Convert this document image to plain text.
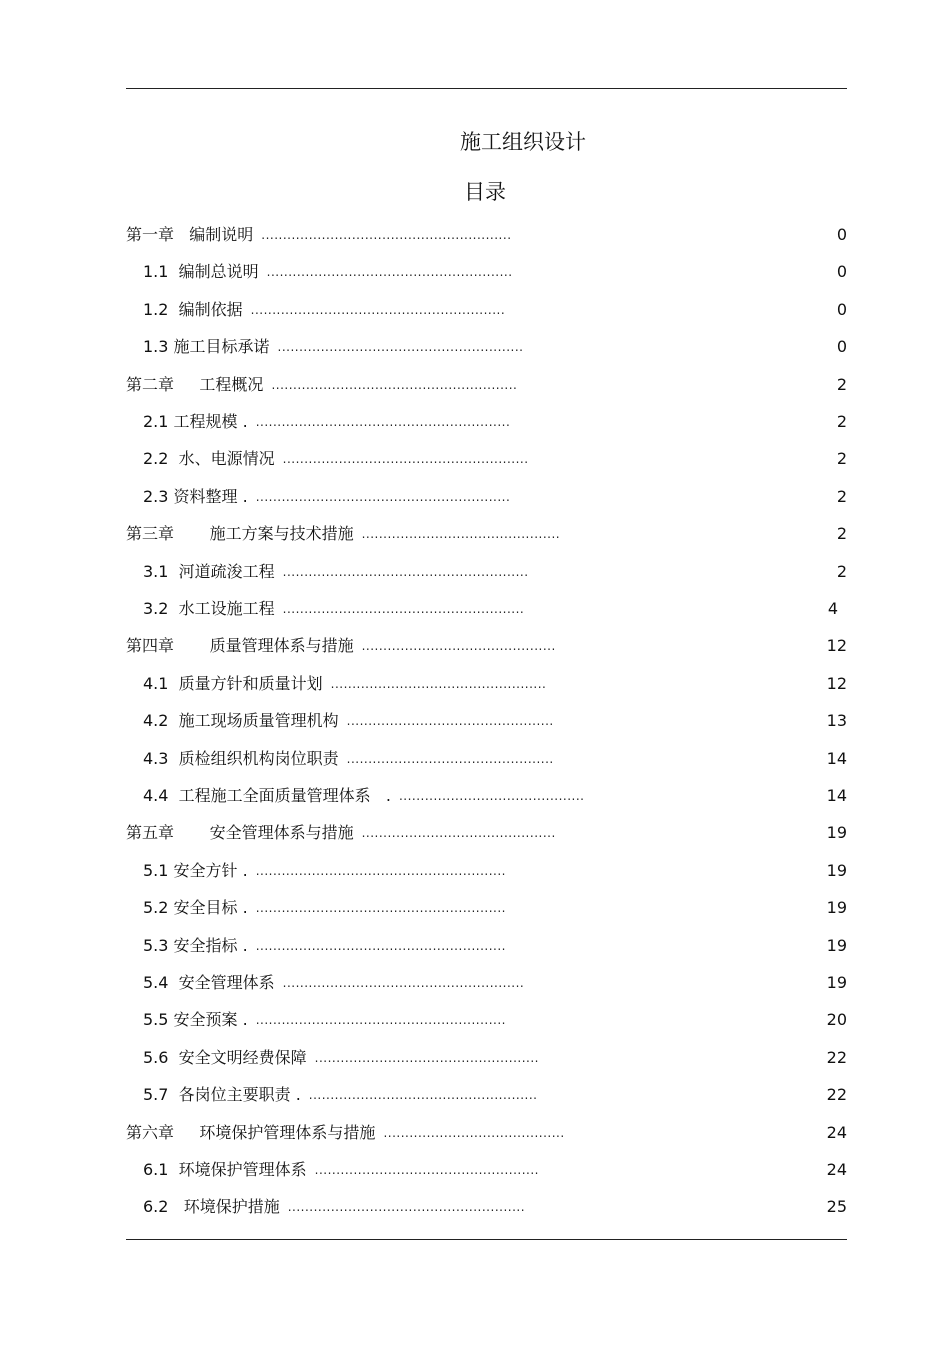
施工组织设计
目录
第一章   编制说明 ..........................................................	0
1.1  编制总说明 .........................................................	0
1.2  编制依据 ...........................................................	0
1.3 施工目标承诺 .........................................................	0
第二章     工程概况 .........................................................	2
2.1 工程规模 . ...........................................................	2
2.2  水、电源情况 .........................................................	2
2.3 资料整理 . ...........................................................	2
第三章       施工方案与技术措施 ..............................................	2
3.1  河道疏浚工程 .........................................................	2
3.2  水工设施工程 ........................................................	4
第四章       质量管理体系与措施 .............................................	12
4.1  质量方针和质量计划 ..................................................	12
4.2  施工现场质量管理机构 ................................................	13
4.3  质检组织机构岗位职责 ................................................	14
4.4  工程施工全面质量管理体系   . ...........................................	14
第五章       安全管理体系与措施 .............................................	19
5.1 安全方针 . ..........................................................	19
5.2 安全目标 . ..........................................................	19
5.3 安全指标 . ..........................................................	19
5.4  安全管理体系 ........................................................	19
5.5 安全预案 . ..........................................................	20
5.6  安全文明经费保障 ....................................................	22
5.7  各岗位主要职责 . .....................................................	22
第六章     环境保护管理体系与措施 ..........................................	24
6.1  环境保护管理体系 ....................................................	24
6.2   环境保护措施 .......................................................	25
